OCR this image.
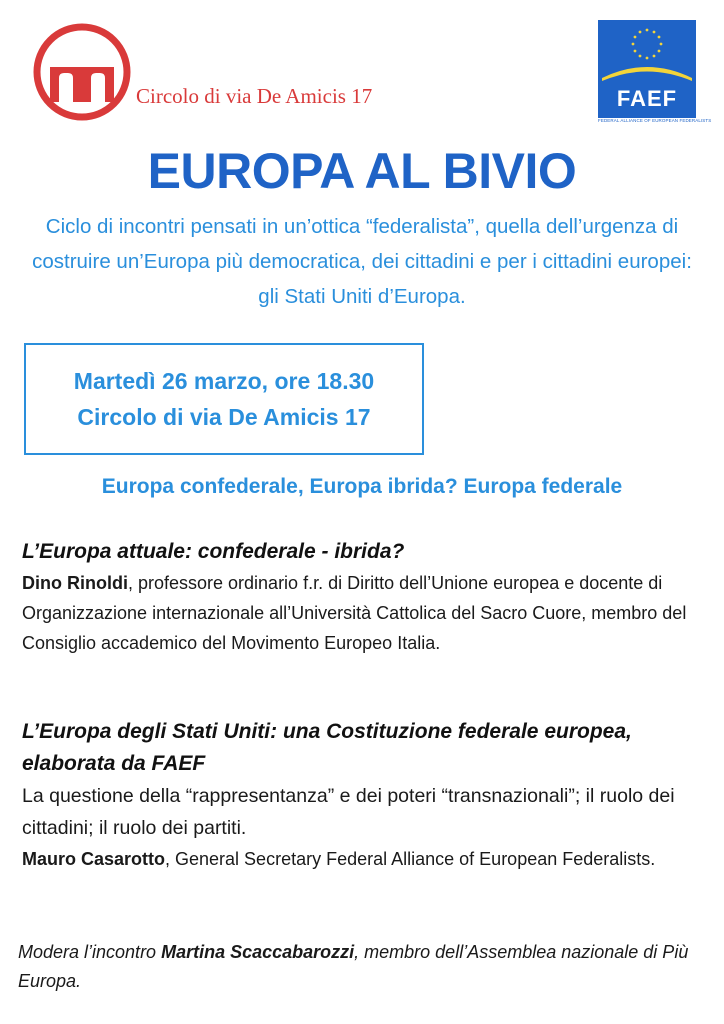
Circolo di via De Amicis 17	FAEF
FEDERAL ALLIANCE OF EUROPEAN FEDERALISTS
EUROPA AL BIVIO
Ciclo di incontri pensati in un’ottica “federalista”, quella dell’urgenza di costruire un’Europa più democratica, dei cittadini e per i cittadini europei: gli Stati Uniti d’Europa.
Martedì 26 marzo, ore 18.30
Circolo di via De Amicis 17
Europa confederale, Europa ibrida? Europa federale
L’Europa attuale: confederale - ibrida?
Dino Rinoldi, professore ordinario f.r. di Diritto dell’Unione europea e docente di Organizzazione internazionale all’Università Cattolica del Sacro Cuore, membro del Consiglio accademico del Movimento Europeo Italia.
L’Europa degli Stati Uniti: una Costituzione federale europea, elaborata da FAEF
La questione della “rappresentanza” e dei poteri “transnazionali”; il ruolo dei cittadini; il ruolo dei partiti.
Mauro Casarotto, General Secretary Federal Alliance of European Federalists.
Modera l’incontro Martina Scaccabarozzi, membro dell’Assemblea nazionale di Più Europa.
